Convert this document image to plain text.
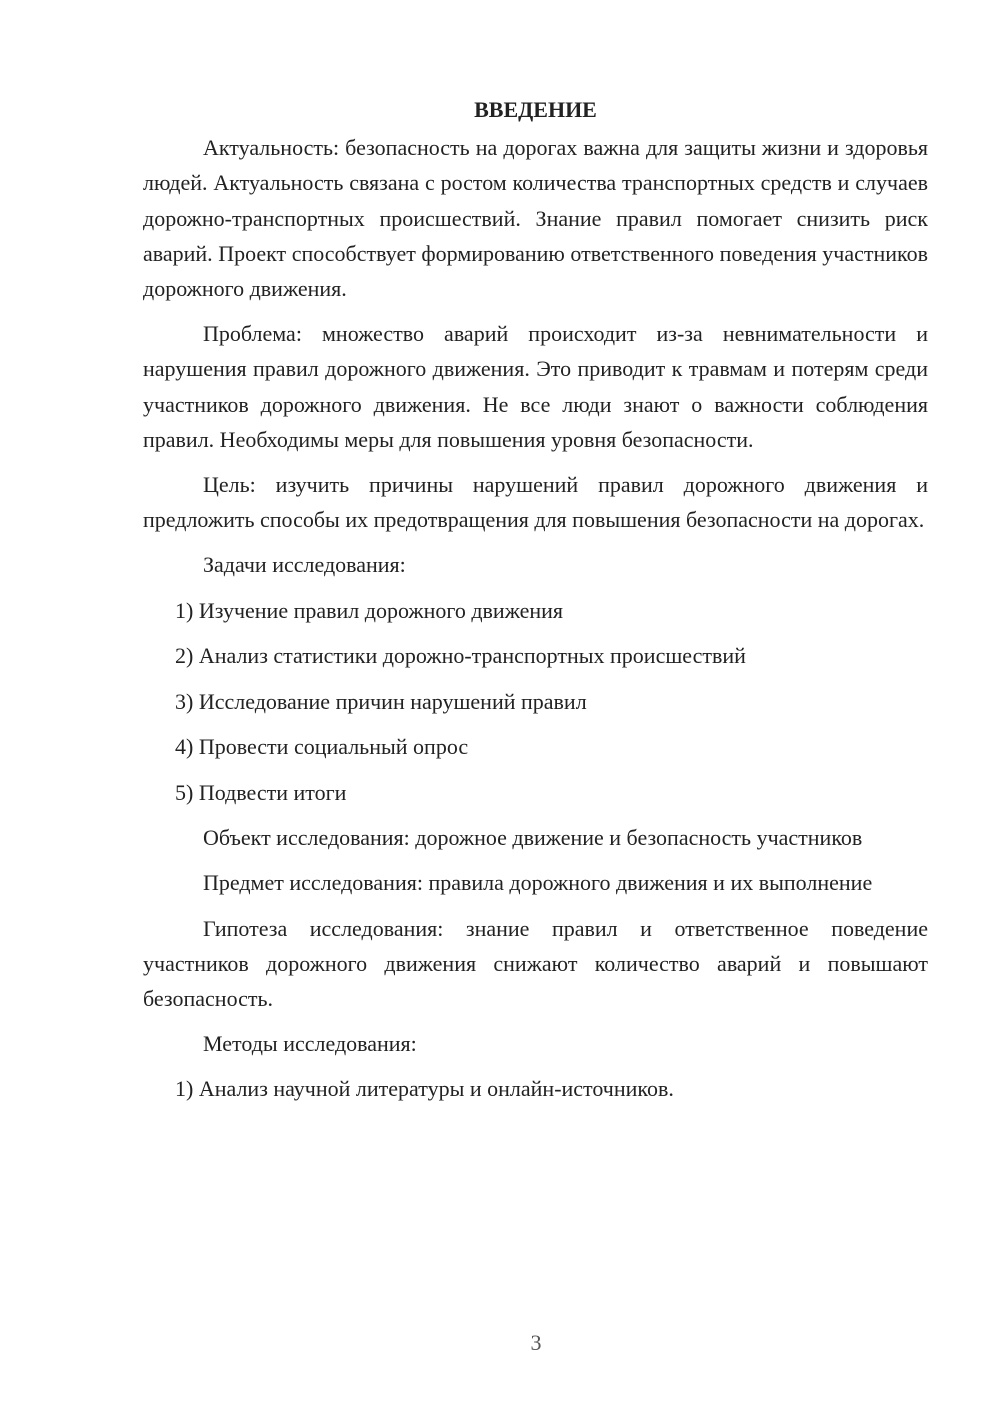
ВВЕДЕНИЕ

Актуальность: безопасность на дорогах важна для защиты жизни и здоровья людей. Актуальность связана с ростом количества транспортных средств и случаев дорожно-транспортных происшествий. Знание правил помогает снизить риск аварий. Проект способствует формированию ответственного поведения участников дорожного движения.

Проблема: множество аварий происходит из-за невнимательности и нарушения правил дорожного движения. Это приводит к травмам и потерям среди участников дорожного движения. Не все люди знают о важности соблюдения правил. Необходимы меры для повышения уровня безопасности.

Цель: изучить причины нарушений правил дорожного движения и предложить способы их предотвращения для повышения безопасности на дорогах.

Задачи исследования:

1) Изучение правил дорожного движения
2) Анализ статистики дорожно-транспортных происшествий
3) Исследование причин нарушений правил
4) Провести социальный опрос
5) Подвести итоги

Объект исследования: дорожное движение и безопасность участников

Предмет исследования: правила дорожного движения и их выполнение

Гипотеза исследования: знание правил и ответственное поведение участников дорожного движения снижают количество аварий и повышают безопасность.

Методы исследования:

1) Анализ научной литературы и онлайн-источников.
3
